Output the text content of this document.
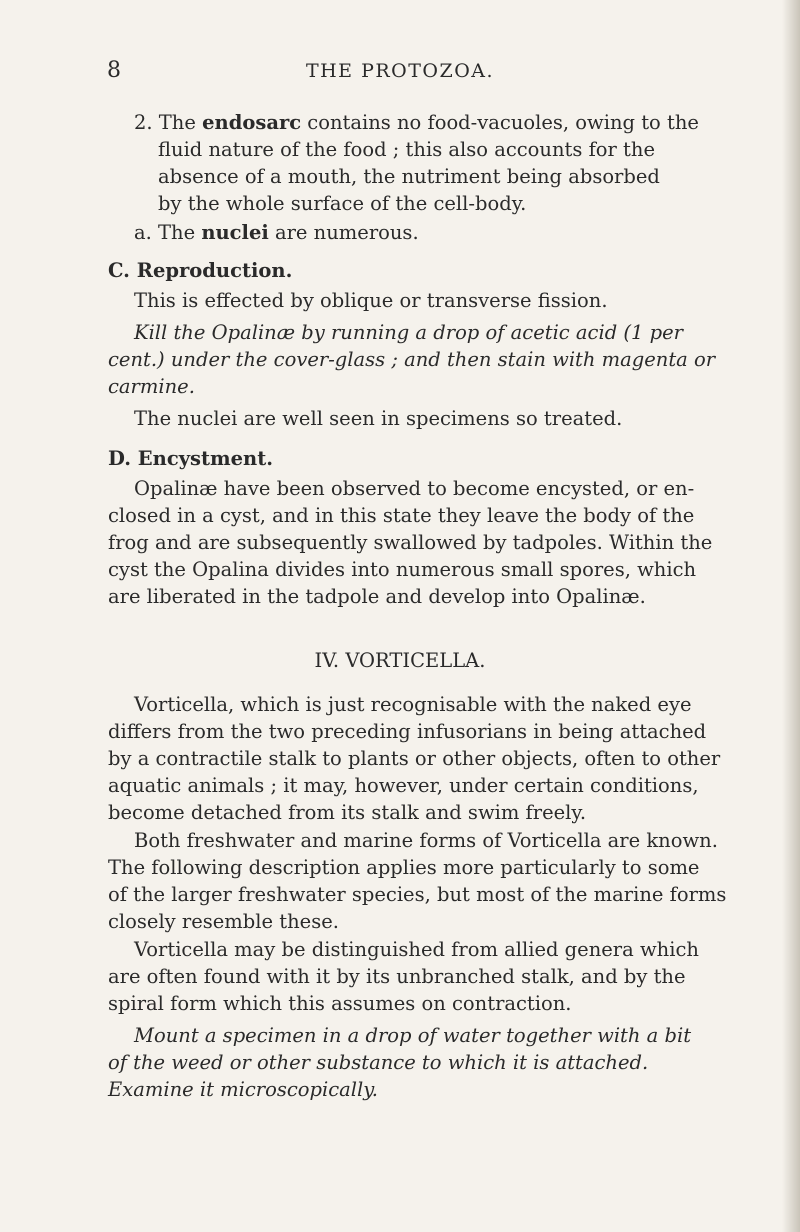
8	THE PROTOZOA.
2. The endosarc contains no food-vacuoles, owing to the
fluid nature of the food ; this also accounts for the
absence of a mouth, the nutriment being absorbed
by the whole surface of the cell-body.
a. The nuclei are numerous.
C. Reproduction.
This is effected by oblique or transverse fission.
Kill the Opalinæ by running a drop of acetic acid (1 per
cent.) under the cover-glass ; and then stain with magenta or
carmine.
The nuclei are well seen in specimens so treated.
D. Encystment.
Opalinæ have been observed to become encysted, or en-
closed in a cyst, and in this state they leave the body of the
frog and are subsequently swallowed by tadpoles. Within the
cyst the Opalina divides into numerous small spores, which
are liberated in the tadpole and develop into Opalinæ.
IV. VORTICELLA.
Vorticella, which is just recognisable with the naked eye
differs from the two preceding infusorians in being attached
by a contractile stalk to plants or other objects, often to other
aquatic animals ; it may, however, under certain conditions,
become detached from its stalk and swim freely.
Both freshwater and marine forms of Vorticella are known.
The following description applies more particularly to some
of the larger freshwater species, but most of the marine forms
closely resemble these.
Vorticella may be distinguished from allied genera which
are often found with it by its unbranched stalk, and by the
spiral form which this assumes on contraction.
Mount a specimen in a drop of water together with a bit
of the weed or other substance to which it is attached.
Examine it microscopically.
